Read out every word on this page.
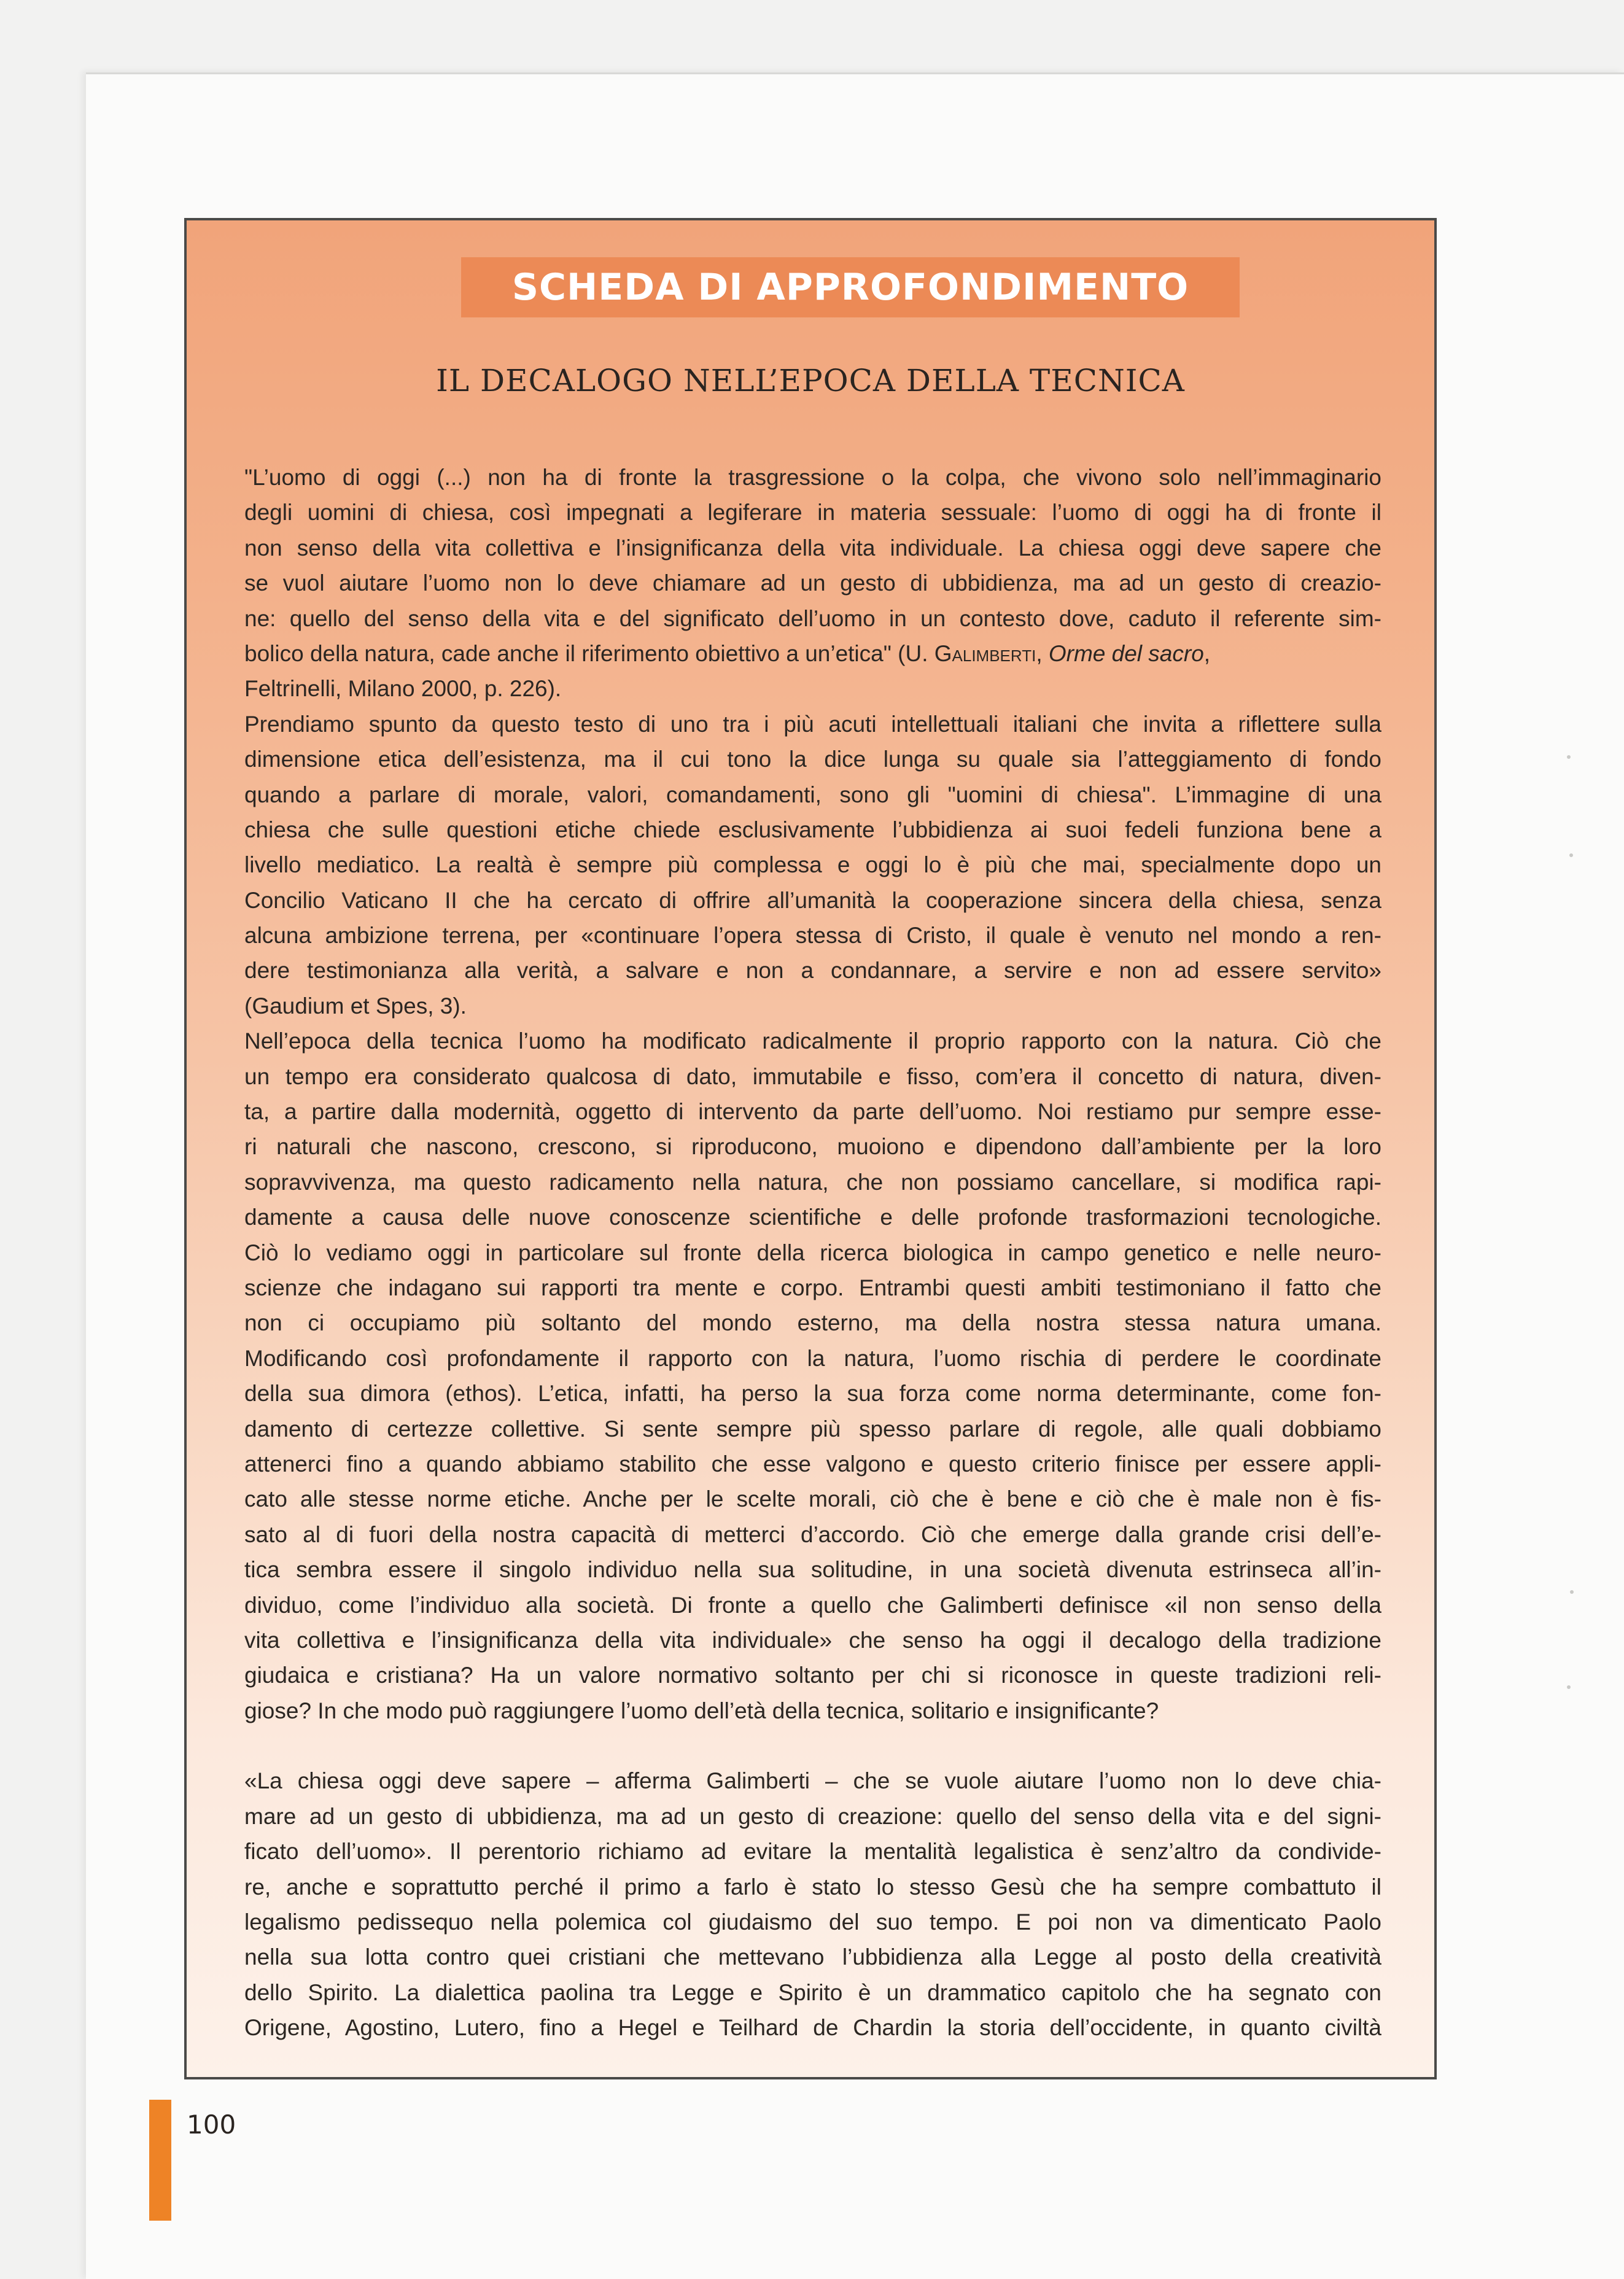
SCHEDA DI APPROFONDIMENTO
IL DECALOGO NELL’EPOCA DELLA TECNICA
"L’uomo di oggi (...) non ha di fronte la trasgressione o la colpa, che vivono solo nell’immaginario
degli uomini di chiesa, così impegnati a legiferare in materia sessuale: l’uomo di oggi ha di fronte il
non senso della vita collettiva e l’insignificanza della vita individuale. La chiesa oggi deve sapere che
se vuol aiutare l’uomo non lo deve chiamare ad un gesto di ubbidienza, ma ad un gesto di creazio-
ne: quello del senso della vita e del significato dell’uomo in un contesto dove, caduto il referente sim-
bolico della natura, cade anche il riferimento obiettivo a un’etica" (U. Galimberti, Orme del sacro,
Feltrinelli, Milano 2000, p. 226).
Prendiamo spunto da questo testo di uno tra i più acuti intellettuali italiani che invita a riflettere sulla
dimensione etica dell’esistenza, ma il cui tono la dice lunga su quale sia l’atteggiamento di fondo
quando a parlare di morale, valori, comandamenti, sono gli "uomini di chiesa". L’immagine di una
chiesa che sulle questioni etiche chiede esclusivamente l’ubbidienza ai suoi fedeli funziona bene a
livello mediatico. La realtà è sempre più complessa e oggi lo è più che mai, specialmente dopo un
Concilio Vaticano II che ha cercato di offrire all’umanità la cooperazione sincera della chiesa, senza
alcuna ambizione terrena, per «continuare l’opera stessa di Cristo, il quale è venuto nel mondo a ren-
dere testimonianza alla verità, a salvare e non a condannare, a servire e non ad essere servito»
(Gaudium et Spes, 3).
Nell’epoca della tecnica l’uomo ha modificato radicalmente il proprio rapporto con la natura. Ciò che
un tempo era considerato qualcosa di dato, immutabile e fisso, com’era il concetto di natura, diven-
ta, a partire dalla modernità, oggetto di intervento da parte dell’uomo. Noi restiamo pur sempre esse-
ri naturali che nascono, crescono, si riproducono, muoiono e dipendono dall’ambiente per la loro
sopravvivenza, ma questo radicamento nella natura, che non possiamo cancellare, si modifica rapi-
damente a causa delle nuove conoscenze scientifiche e delle profonde trasformazioni tecnologiche.
Ciò lo vediamo oggi in particolare sul fronte della ricerca biologica in campo genetico e nelle neuro-
scienze che indagano sui rapporti tra mente e corpo. Entrambi questi ambiti testimoniano il fatto che
non ci occupiamo più soltanto del mondo esterno, ma della nostra stessa natura umana.
Modificando così profondamente il rapporto con la natura, l’uomo rischia di perdere le coordinate
della sua dimora (ethos). L’etica, infatti, ha perso la sua forza come norma determinante, come fon-
damento di certezze collettive. Si sente sempre più spesso parlare di regole, alle quali dobbiamo
attenerci fino a quando abbiamo stabilito che esse valgono e questo criterio finisce per essere appli-
cato alle stesse norme etiche. Anche per le scelte morali, ciò che è bene e ciò che è male non è fis-
sato al di fuori della nostra capacità di metterci d’accordo. Ciò che emerge dalla grande crisi dell’e-
tica sembra essere il singolo individuo nella sua solitudine, in una società divenuta estrinseca all’in-
dividuo, come l’individuo alla società. Di fronte a quello che Galimberti definisce «il non senso della
vita collettiva e l’insignificanza della vita individuale» che senso ha oggi il decalogo della tradizione
giudaica e cristiana? Ha un valore normativo soltanto per chi si riconosce in queste tradizioni reli-
giose? In che modo può raggiungere l’uomo dell’età della tecnica, solitario e insignificante?
«La chiesa oggi deve sapere – afferma Galimberti – che se vuole aiutare l’uomo non lo deve chia-
mare ad un gesto di ubbidienza, ma ad un gesto di creazione: quello del senso della vita e del signi-
ficato dell’uomo». Il perentorio richiamo ad evitare la mentalità legalistica è senz’altro da condivide-
re, anche e soprattutto perché il primo a farlo è stato lo stesso Gesù che ha sempre combattuto il
legalismo pedissequo nella polemica col giudaismo del suo tempo. E poi non va dimenticato Paolo
nella sua lotta contro quei cristiani che mettevano l’ubbidienza alla Legge al posto della creatività
dello Spirito. La dialettica paolina tra Legge e Spirito è un drammatico capitolo che ha segnato con
Origene, Agostino, Lutero, fino a Hegel e Teilhard de Chardin la storia dell’occidente, in quanto civiltà
100
